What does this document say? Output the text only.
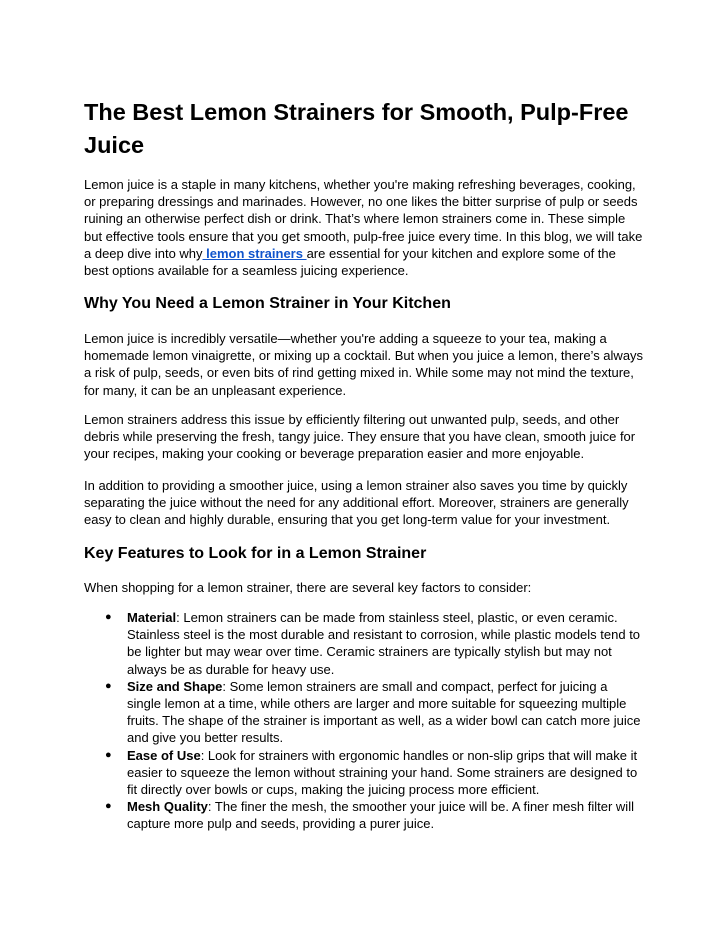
The Best Lemon Strainers for Smooth, Pulp-Free Juice

Lemon juice is a staple in many kitchens, whether you're making refreshing beverages, cooking, or preparing dressings and marinades. However, no one likes the bitter surprise of pulp or seeds ruining an otherwise perfect dish or drink. That’s where lemon strainers come in. These simple but effective tools ensure that you get smooth, pulp-free juice every time. In this blog, we will take a deep dive into why lemon strainers are essential for your kitchen and explore some of the best options available for a seamless juicing experience.

Why You Need a Lemon Strainer in Your Kitchen

Lemon juice is incredibly versatile—whether you're adding a squeeze to your tea, making a homemade lemon vinaigrette, or mixing up a cocktail. But when you juice a lemon, there’s always a risk of pulp, seeds, or even bits of rind getting mixed in. While some may not mind the texture, for many, it can be an unpleasant experience.

Lemon strainers address this issue by efficiently filtering out unwanted pulp, seeds, and other debris while preserving the fresh, tangy juice. They ensure that you have clean, smooth juice for your recipes, making your cooking or beverage preparation easier and more enjoyable.

In addition to providing a smoother juice, using a lemon strainer also saves you time by quickly separating the juice without the need for any additional effort. Moreover, strainers are generally easy to clean and highly durable, ensuring that you get long-term value for your investment.

Key Features to Look for in a Lemon Strainer

When shopping for a lemon strainer, there are several key factors to consider:

● Material: Lemon strainers can be made from stainless steel, plastic, or even ceramic. Stainless steel is the most durable and resistant to corrosion, while plastic models tend to be lighter but may wear over time. Ceramic strainers are typically stylish but may not always be as durable for heavy use.
● Size and Shape: Some lemon strainers are small and compact, perfect for juicing a single lemon at a time, while others are larger and more suitable for squeezing multiple fruits. The shape of the strainer is important as well, as a wider bowl can catch more juice and give you better results.
● Ease of Use: Look for strainers with ergonomic handles or non-slip grips that will make it easier to squeeze the lemon without straining your hand. Some strainers are designed to fit directly over bowls or cups, making the juicing process more efficient.
● Mesh Quality: The finer the mesh, the smoother your juice will be. A finer mesh filter will capture more pulp and seeds, providing a purer juice.
